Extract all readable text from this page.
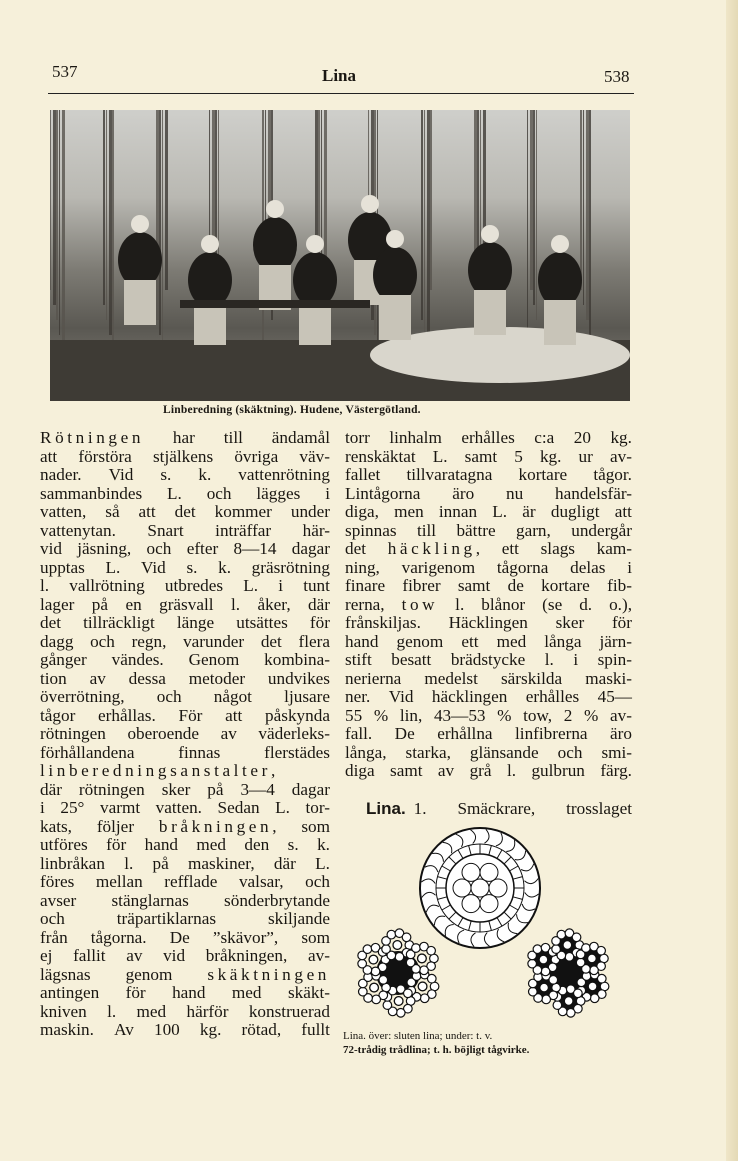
537	Lina	538
Linberedning (skäktning). Hudene, Västergötland.
Rötningen har till ändamål
att förstöra stjälkens övriga väv-
nader. Vid s. k. vattenrötning
sammanbindes L. och lägges i
vatten, så att det kommer under
vattenytan. Snart inträffar här-
vid jäsning, och efter 8—14 dagar
upptas L. Vid s. k. gräsrötning
l. vallrötning utbredes L. i tunt
lager på en gräsvall l. åker, där
det tillräckligt länge utsättes för
dagg och regn, varunder det flera
gånger vändes. Genom kombina-
tion av dessa metoder undvikes
överrötning, och något ljusare
tågor erhållas. För att påskynda
rötningen oberoende av väderleks-
förhållandena	finnas	flerstädes
linberedningsanstalter,
där rötningen sker på 3—4 dagar
i 25° varmt vatten. Sedan L. tor-
kats, följer bråkningen, som
utföres för hand med den s. k.
linbråkan l. på maskiner, där L.
föres mellan refflade valsar, och
avser stänglarnas sönderbrytande
och	träpartiklarnas	skiljande
från tågorna. De ”skävor”, som
ej fallit av vid bråkningen, av-
lägsnas genom skäktningen
antingen för hand med skäkt-
kniven l. med härför konstruerad
maskin. Av 100 kg. rötad, fullt
torr linhalm erhålles c:a 20 kg.
renskäktat L. samt 5 kg. ur av-
fallet tillvaratagna kortare tågor.
Lintågorna äro nu handelsfär-
diga, men innan L. är dugligt att
spinnas till bättre garn, undergår
det häckling, ett slags kam-
ning, varigenom tågorna delas i
finare fibrer samt de kortare fib-
rerna, tow l. blånor (se d. o.),
frånskiljas. Häcklingen sker för
hand genom ett med långa järn-
stift besatt brädstycke l. i spin-
nerierna medelst särskilda maski-
ner. Vid häcklingen erhålles 45—
55 % lin, 43—53 % tow, 2 % av-
fall. De erhållna linfibrerna äro
långa, starka, glänsande och smi-
diga samt av grå l. gulbrun färg.
Lina. 1. Smäckrare, trosslaget
Lina. över: sluten lina; under: t. v.
72-trådig trådlina; t. h. böjligt tågvirke.
